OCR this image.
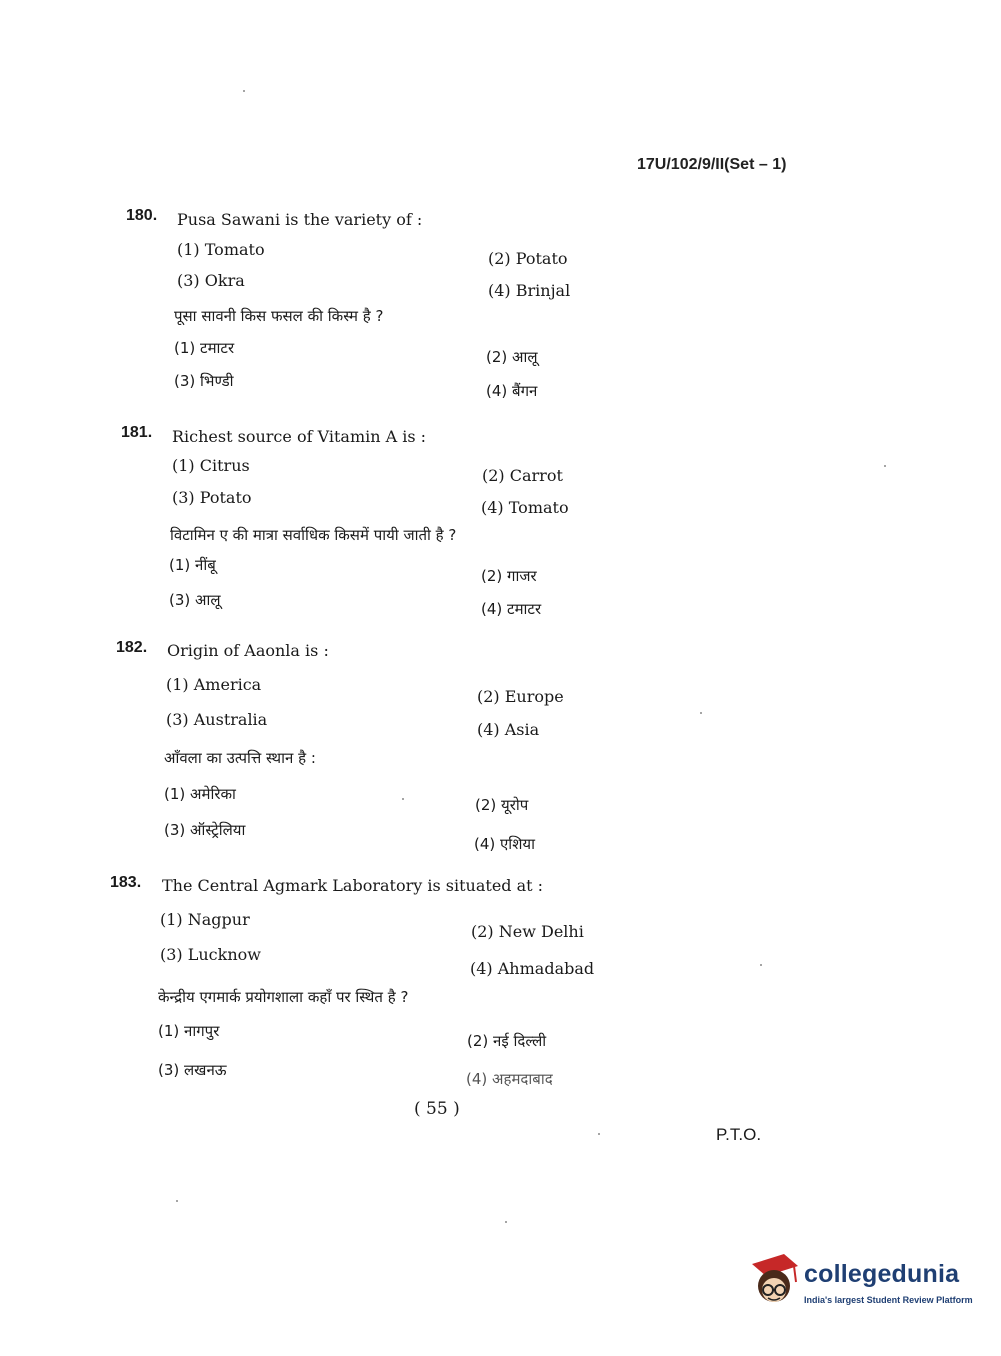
17U/102/9/II(Set – 1)
180. Pusa Sawani is the variety of :
(1) Tomato	(2) Potato
(3) Okra
(4) Brinjal
पूसा सावनी किस फसल की किस्म है ?
(1) टमाटर	(2) आलू
(3) भिण्डी
(4) बैंगन
181. Richest source of Vitamin A is :
(1) Citrus
(2) Carrot
(3) Potato
(4) Tomato
विटामिन ए की मात्रा सर्वाधिक किसमें पायी जाती है ?
(1) नींबू
(2) गाजर
(3) आलू	(4) टमाटर
182. Origin of Aaonla is :
(1) America
(2) Europe
(3) Australia
(4) Asia
आँवला का उत्पत्ति स्थान है :
(1) अमेरिका
(2) यूरोप
(3) ऑस्ट्रेलिया
(4) एशिया
183. The Central Agmark Laboratory is situated at :
(1) Nagpur
(2) New Delhi
(3) Lucknow
(4) Ahmadabad
केन्द्रीय एगमार्क प्रयोगशाला कहाँ पर स्थित है ?
(1) नागपुर
(2) नई दिल्ली
(3) लखनऊ	(4) अहमदाबाद
( 55 )
P.T.O.
collegedunia
India's largest Student Review Platform
